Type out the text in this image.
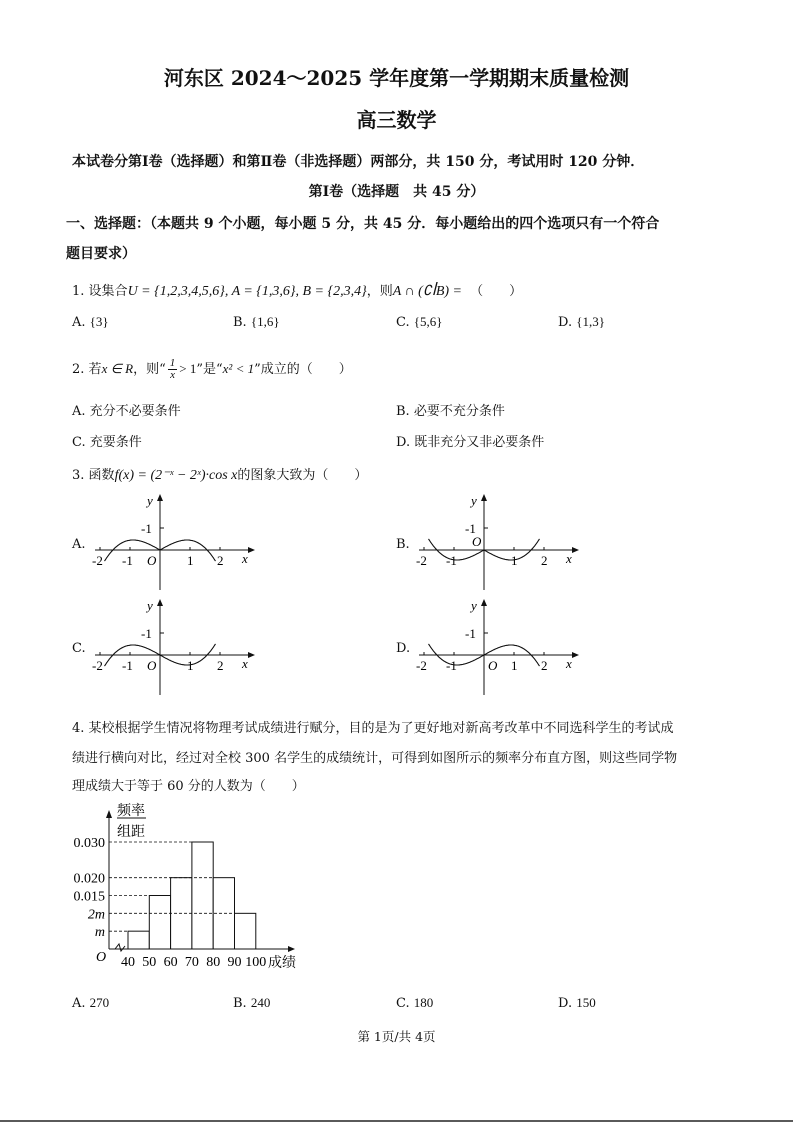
河东区 2024～2025 学年度第一学期期末质量检测
高三数学
本试卷分第Ⅰ卷（选择题）和第Ⅱ卷（非选择题）两部分，共 150 分，考试用时 120 分钟．
第Ⅰ卷（选择题　共 45 分）
一、选择题：（本题共 9 个小题，每小题 5 分，共 45 分．每小题给出的四个选项只有一个符合
题目要求）
1. 设集合U = {1,2,3,4,5,6}, A = {1,3,6}, B = {2,3,4}，则A ∩ (∁ꟾB) = （　　）
A. {3}	B. {1,6}	C. {5,6}	D. {1,3}
2. 若x ∈ R，则“ $\frac{1}{x} > 1$”是“x² < 1”成立的（　　）
A. 充分不必要条件	B. 必要不充分条件
C. 充要条件	D. 既非充分又非必要条件
3. 函数f(x) = (2⁻ˣ − 2ˣ)·cos x的图象大致为（　　）
A.
-2 -1	1 2
-1
x
y
O
B.
-2 -1	1 2
-1
x
y
O
C.
-2 -1	1 2
-1
x
y
O
D.
-2 -1	1 2
-1
x
y
O
4. 某校根据学生情况将物理考试成绩进行赋分，目的是为了更好地对新高考改革中不同选科学生的考试成
绩进行横向对比，经过对全校 300 名学生的成绩统计，可得到如图所示的频率分布直方图，则这些同学物
理成绩大于等于 60 分的人数为（　　）
m
2m
0.015
0.020
0.030
40 50 60 70 80 90 100
频率
组距
成绩
O
A. 270	B. 240	C. 180	D. 150
第 1页/共 4页
